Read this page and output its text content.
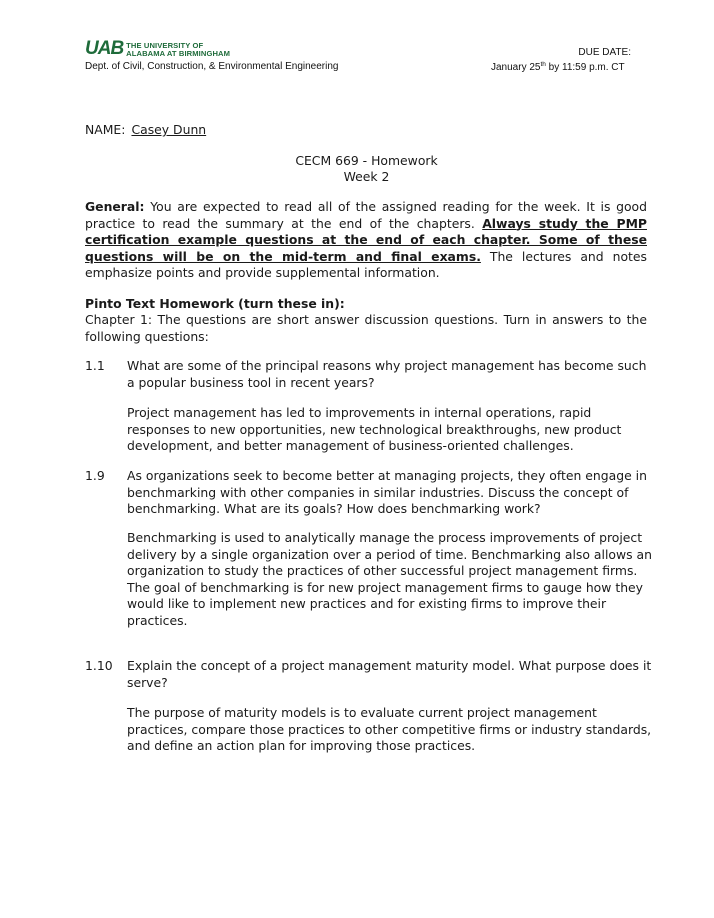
UAB THE UNIVERSITY OF
ALABAMA AT BIRMINGHAM
Dept. of Civil, Construction, & Environmental Engineering
DUE DATE:
January 25th by 11:59 p.m. CT
NAME: Casey Dunn
CECM 669 - Homework
Week 2
General: You are expected to read all of the assigned reading for the week. It is good practice to read the summary at the end of the chapters. Always study the PMP certification example questions at the end of each chapter. Some of these questions will be on the mid-term and final exams. The lectures and notes emphasize points and provide supplemental information.
Pinto Text Homework (turn these in):
Chapter 1: The questions are short answer discussion questions. Turn in answers to the following questions:
1.1 What are some of the principal reasons why project management has become such a popular business tool in recent years?
Project management has led to improvements in internal operations, rapid responses to new opportunities, new technological breakthroughs, new product development, and better management of business-oriented challenges.
1.9 As organizations seek to become better at managing projects, they often engage in benchmarking with other companies in similar industries. Discuss the concept of benchmarking. What are its goals? How does benchmarking work?
Benchmarking is used to analytically manage the process improvements of project delivery by a single organization over a period of time. Benchmarking also allows an organization to study the practices of other successful project management firms. The goal of benchmarking is for new project management firms to gauge how they would like to implement new practices and for existing firms to improve their practices.
1.10 Explain the concept of a project management maturity model. What purpose does it serve?
The purpose of maturity models is to evaluate current project management practices, compare those practices to other competitive firms or industry standards, and define an action plan for improving those practices.
